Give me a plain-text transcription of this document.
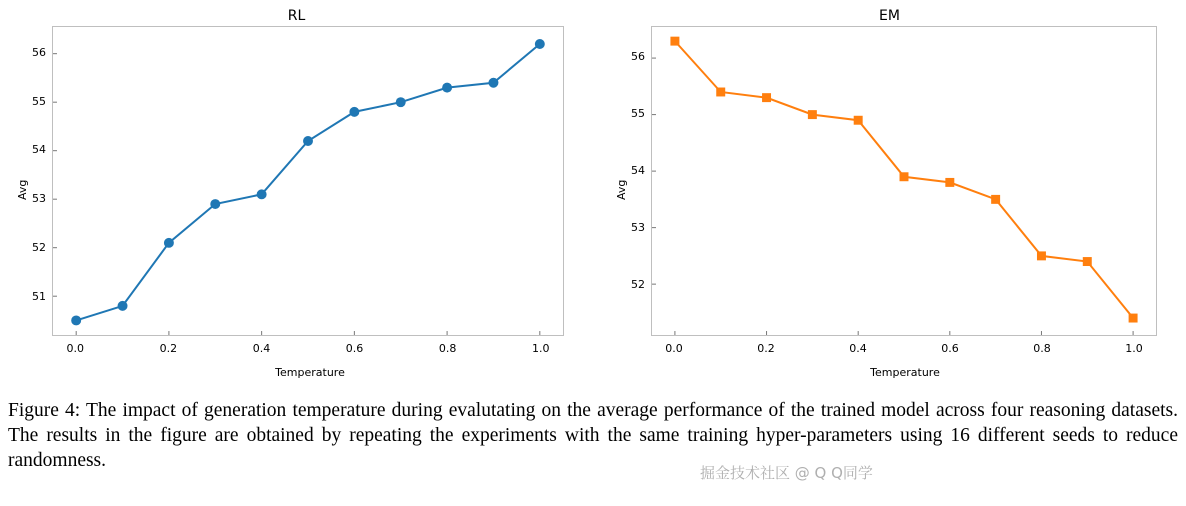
RL
Avg
Temperature
0.0	0.2	0.4	0.6	0.8	1.0
51
52
53
54
55
56
EM
Avg
Temperature
0.0	0.2	0.4	0.6	0.8	1.0
52
53
54
55
56
Figure 4: The impact of generation temperature during evalutating on the average performance of the trained model across four reasoning datasets. The results in the figure are obtained by repeating the experiments with the same training hyper-parameters using 16 different seeds to reduce randomness.
掘金技术社区 @ Q Q同学
